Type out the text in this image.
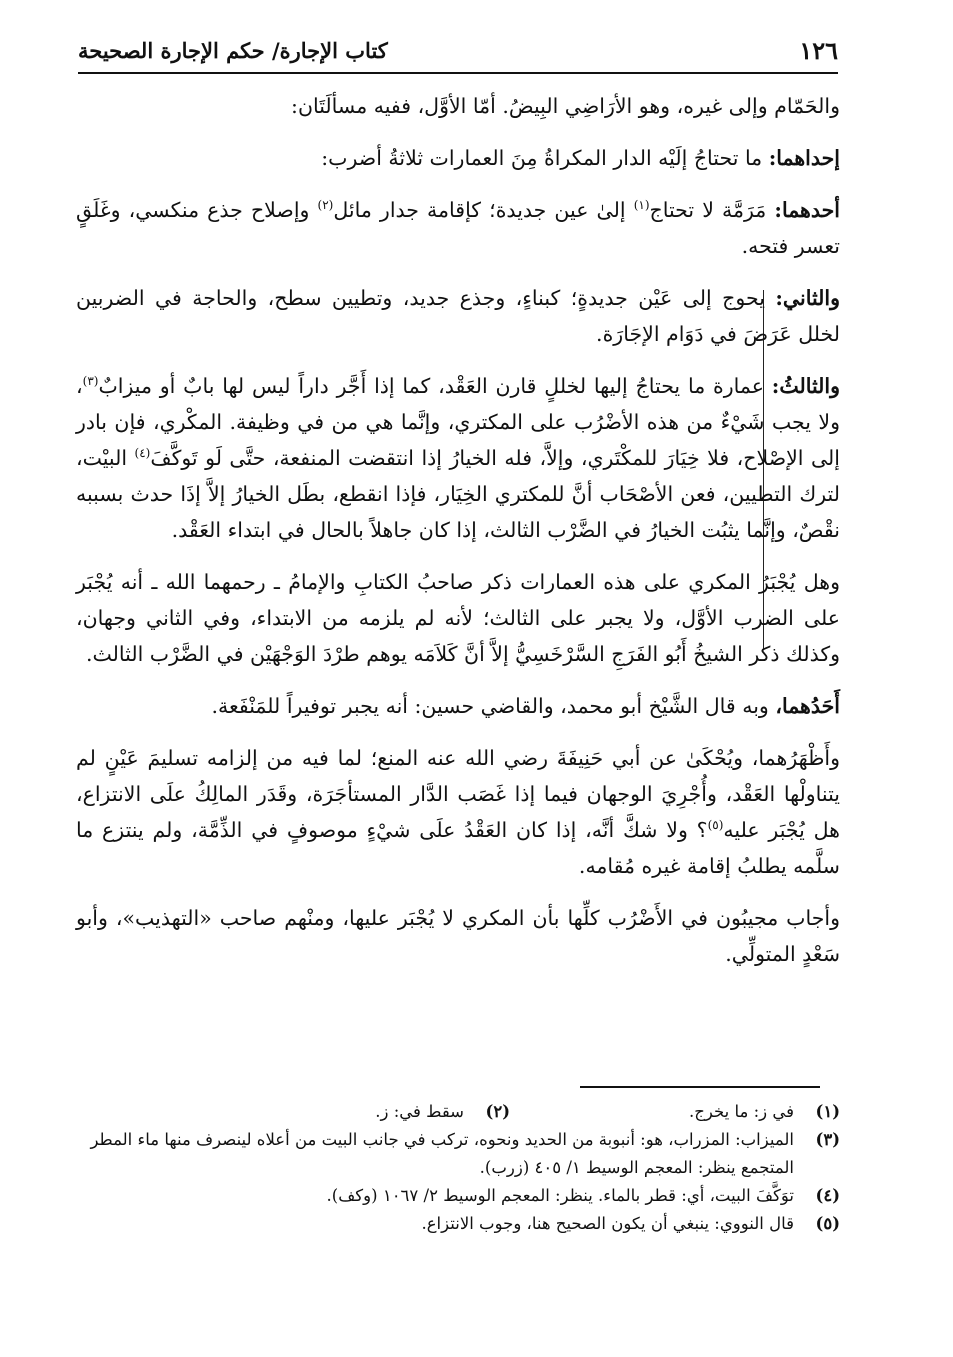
١٢٦
كتاب الإجارة/ حكم الإجارة الصحيحة

والحَمّام وإلى غيره، وهو الأرَاضِي البِيضُ. أمّا الأوَّل، ففيه مسألَتَان:

إحداهما: ما تحتاجُ إلَيْه الدار المكراةُ مِنَ العمارات ثلاثةُ أضرب:

أحدهما: مَرَمَّة لا تحتاج$^{(١)}$ إلىٰ عين جديدة؛ كإقامة جدار مائل$^{(٢)}$ وإصلاح جذع منكسي، وغَلَقٍ تعسر فتحه.

والثاني: يحوج إلى عَيْن جديدةٍ؛ كبناءٍ، وجذع جديد، وتطيين سطح، والحاجة في الضربين لخلل عَرَضَ في دَوَام الإجَارَة.

والثالثُ: عمارة ما يحتاجُ إليها لخللٍ قارن العَقْد، كما إذا أَجَّر داراً ليس لها بابٌ أو ميزابٌ$^{(٣)}$، ولا يجب شَيْءٌ من هذه الأضْرُب على المكتري، وإنَّما هي من في وظيفة. المكْري، فإن بادر إلى الإصْلاح، فلا خِيَارَ للمكْتَري، وإلاَّ، فله الخيارُ إذا انتقضت المنفعة، حتَّى لَو تَوكَّفَ$^{(٤)}$ البيْت، لترك التطيين، فعن الأصْحَاب أنَّ للمكتري الخِيَار، فإذا انقطع، بطَل الخيارُ إلاَّ إذَا حدث بسببه نقْصٌ، وإنَّما يثبُت الخيارُ في الضَّرْب الثالث، إذا كان جاهلاً بالحال في ابتداء العَقْد.

وهل يُجْبَرُ المكري على هذه العمارات ذكر صاحبُ الكتابِ والإمامُ ـ رحمهما الله ـ أنه يُجْبَر على الضرب الأوَّل، ولا يجبر على الثالث؛ لأنه لم يلزمه من الابتداء، وفي الثاني وجهان، وكذلك ذكر الشيخُ أَبُو الفَرَجِ السَّرْخَسِيُّ إلاَّ أنَّ كَلاَمَه يوهم طرْدَ الوَجْهَيْن في الضَّرْب الثالث.

أَحَدُهما، وبه قال الشَّيْخ أبو محمد، والقاضي حسين: أنه يجبر توفيراً للمَنْفَعة.

وأَظْهَرُهما، ويُحْكَىٰ عن أبي حَنِيفَةَ رضي الله عنه المنع؛ لما فيه من إلزامه تسليمَ عَيْنٍ لم يتناولْها العَقْد، وأُجْرِيَ الوجهان فيما إذا غَصَب الدَّار المستأجَرَة، وقَدَر المالِكُ علَى الانتزاع، هل يُجْبَر عليه$^{(٥)}$؟ ولا شكَّ أنَّه، إذا كان العَقْدُ علَى شيْءٍ موصوفٍ في الذِّمَّة، ولم ينتزع ما سلَّمه يطلبُ إقامة غيره مُقامه.

وأجاب مجيبُون في الأَضْرُب كلِّها بأن المكري لا يُجْبَر عليها، ومنْهم صاحب «التهذيب»، وأبو سَعْدٍ المتولِّي.

(١)
في ز: ما يخرج.
(٢)
سقط في: ز.
(٣)
الميزاب: المزراب، هو: أنبوبة من الحديد ونحوه، تركب في جانب البيت من أعلاه لينصرف منها ماء المطر المتجمع ينظر: المعجم الوسيط ١/ ٤٠٥ (زرب).
(٤)
توَكَّفَ البيت، أي: قطر بالماء. ينظر: المعجم الوسيط ٢/ ١٠٦٧ (وكف).
(٥)
قال النووي: ينبغي أن يكون الصحيح هنا، وجوب الانتزاع.
